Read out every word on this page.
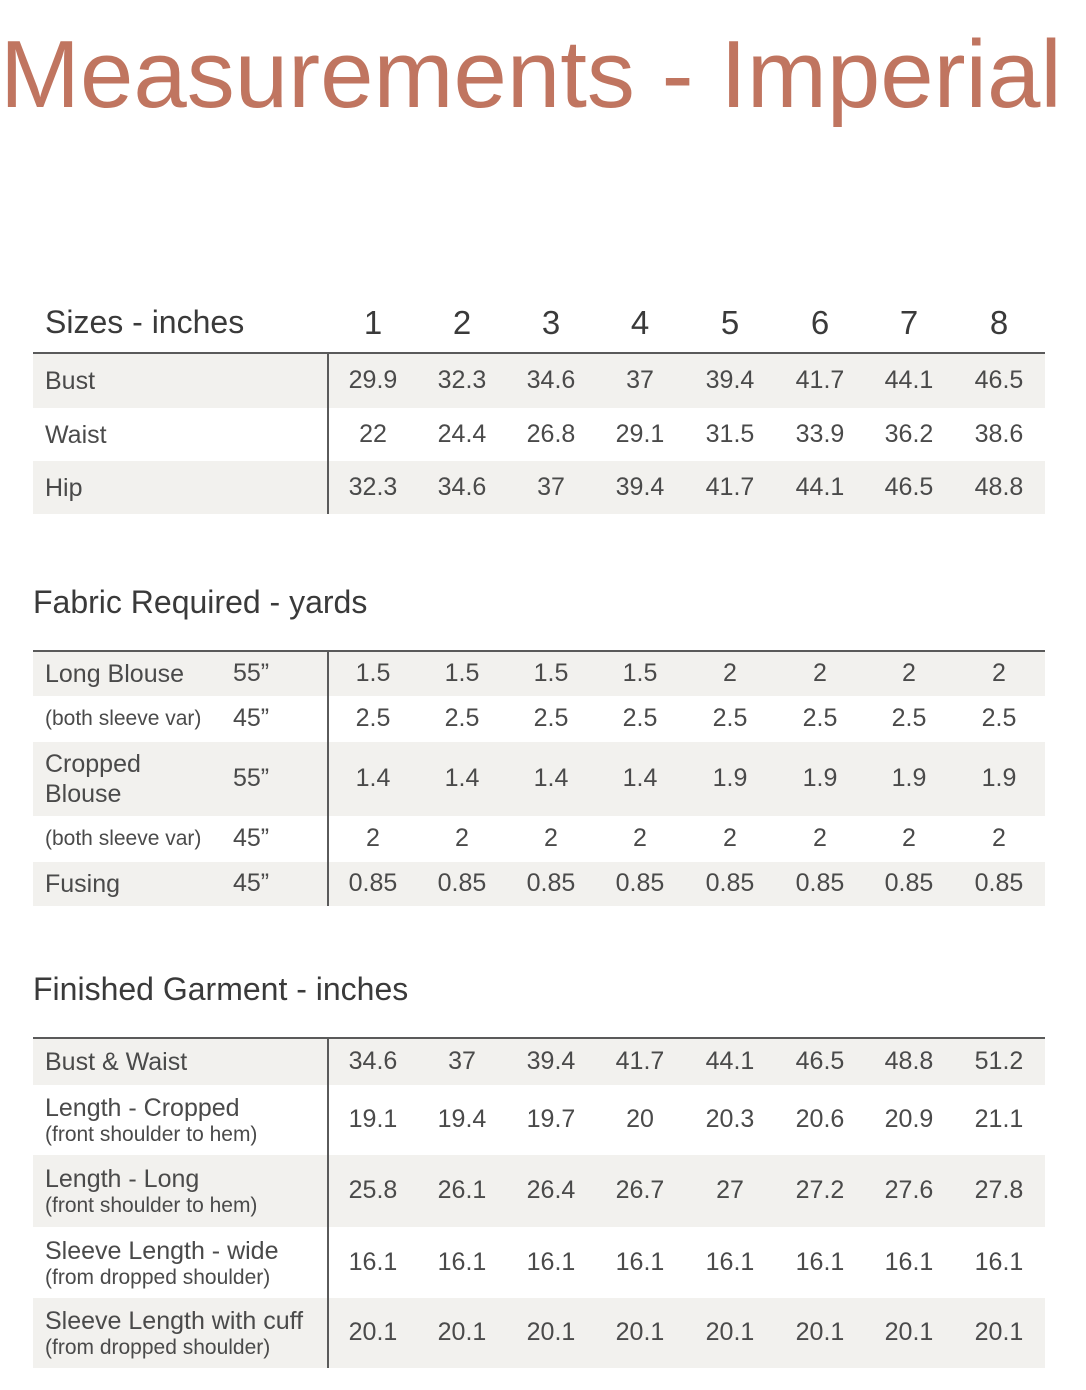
Measurements - Imperial
Sizes - inches	1	2	3	4	5	6	7	8
Bust	29.9	32.3	34.6	37	39.4	41.7	44.1	46.5
Waist	22	24.4	26.8	29.1	31.5	33.9	36.2	38.6
Hip	32.3	34.6	37	39.4	41.7	44.1	46.5	48.8
Fabric Required - yards
Long Blouse 55”	1.5	1.5	1.5	1.5	2	2	2	2
(both sleeve var) 45”	2.5	2.5	2.5	2.5	2.5	2.5	2.5	2.5
Cropped
Blouse
55”	1.4	1.4	1.4	1.4	1.9	1.9	1.9	1.9
(both sleeve var) 45”	2	2	2	2	2	2	2	2
Fusing	45”	0.85	0.85	0.85	0.85	0.85	0.85	0.85	0.85
Finished Garment - inches
Bust & Waist	34.6	37	39.4	41.7	44.1	46.5	48.8	51.2
Length - Cropped
(front shoulder to hem)
19.1	19.4	19.7	20	20.3	20.6	20.9	21.1
Length - Long
(front shoulder to hem)
25.8	26.1	26.4	26.7	27	27.2	27.6	27.8
Sleeve Length - wide
(from dropped shoulder)
16.1	16.1	16.1	16.1	16.1	16.1	16.1	16.1
Sleeve Length with cuff
(from dropped shoulder)
20.1	20.1	20.1	20.1	20.1	20.1	20.1	20.1
